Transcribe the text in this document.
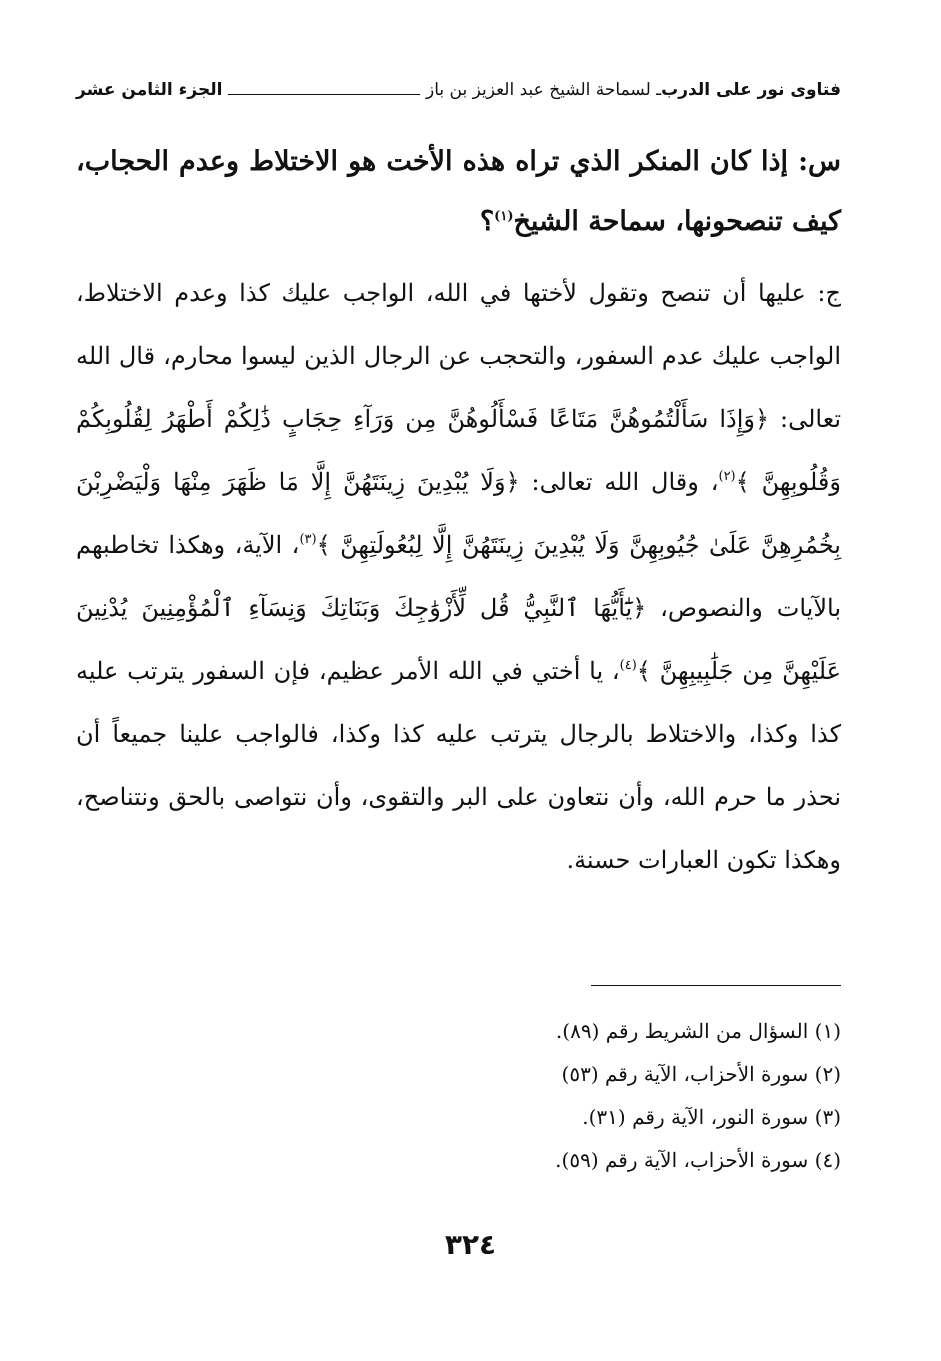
فتاوى نور على الدرب
ـ لسماحة الشيخ عبد العزيز بن باز
الجزء الثامن عشر

س: إذا كان المنكر الذي تراه هذه الأخت هو الاختلاط وعدم الحجاب، كيف تنصحونها، سماحة الشيخ$^{(١)}$؟

ج: عليها أن تنصح وتقول لأختها في الله، الواجب عليك كذا وعدم الاختلاط، الواجب عليك عدم السفور، والتحجب عن الرجال الذين ليسوا محارم، قال الله تعالى: ﴿وَإِذَا سَأَلْتُمُوهُنَّ مَتَاعًا فَسْأَلُوهُنَّ مِن وَرَآءِ حِجَابٍ ذَٰلِكُمْ أَطْهَرُ لِقُلُوبِكُمْ وَقُلُوبِهِنَّ ﴾$^{(٢)}$، وقال الله تعالى: ﴿وَلَا يُبْدِينَ زِينَتَهُنَّ إِلَّا مَا ظَهَرَ مِنْهَا وَلْيَضْرِبْنَ بِخُمُرِهِنَّ عَلَىٰ جُيُوبِهِنَّ وَلَا يُبْدِينَ زِينَتَهُنَّ إِلَّا لِبُعُولَتِهِنَّ ﴾$^{(٣)}$، الآية، وهكذا تخاطبهم بالآيات والنصوص، ﴿يَٰٓأَيُّهَا ٱلنَّبِيُّ قُل لِّأَزْوَٰجِكَ وَبَنَاتِكَ وَنِسَآءِ ٱلْمُؤْمِنِينَ يُدْنِينَ عَلَيْهِنَّ مِن جَلَٰبِيبِهِنَّ ﴾$^{(٤)}$، يا أختي في الله الأمر عظيم، فإن السفور يترتب عليه كذا وكذا، والاختلاط بالرجال يترتب عليه كذا وكذا، فالواجب علينا جميعاً أن نحذر ما حرم الله، وأن نتعاون على البر والتقوى، وأن نتواصى بالحق ونتناصح، وهكذا تكون العبارات حسنة.

(١) السؤال من الشريط رقم (٨٩).
(٢) سورة الأحزاب، الآية رقم (٥٣)
(٣) سورة النور، الآية رقم (٣١).
(٤) سورة الأحزاب، الآية رقم (٥٩).
٣٢٤
